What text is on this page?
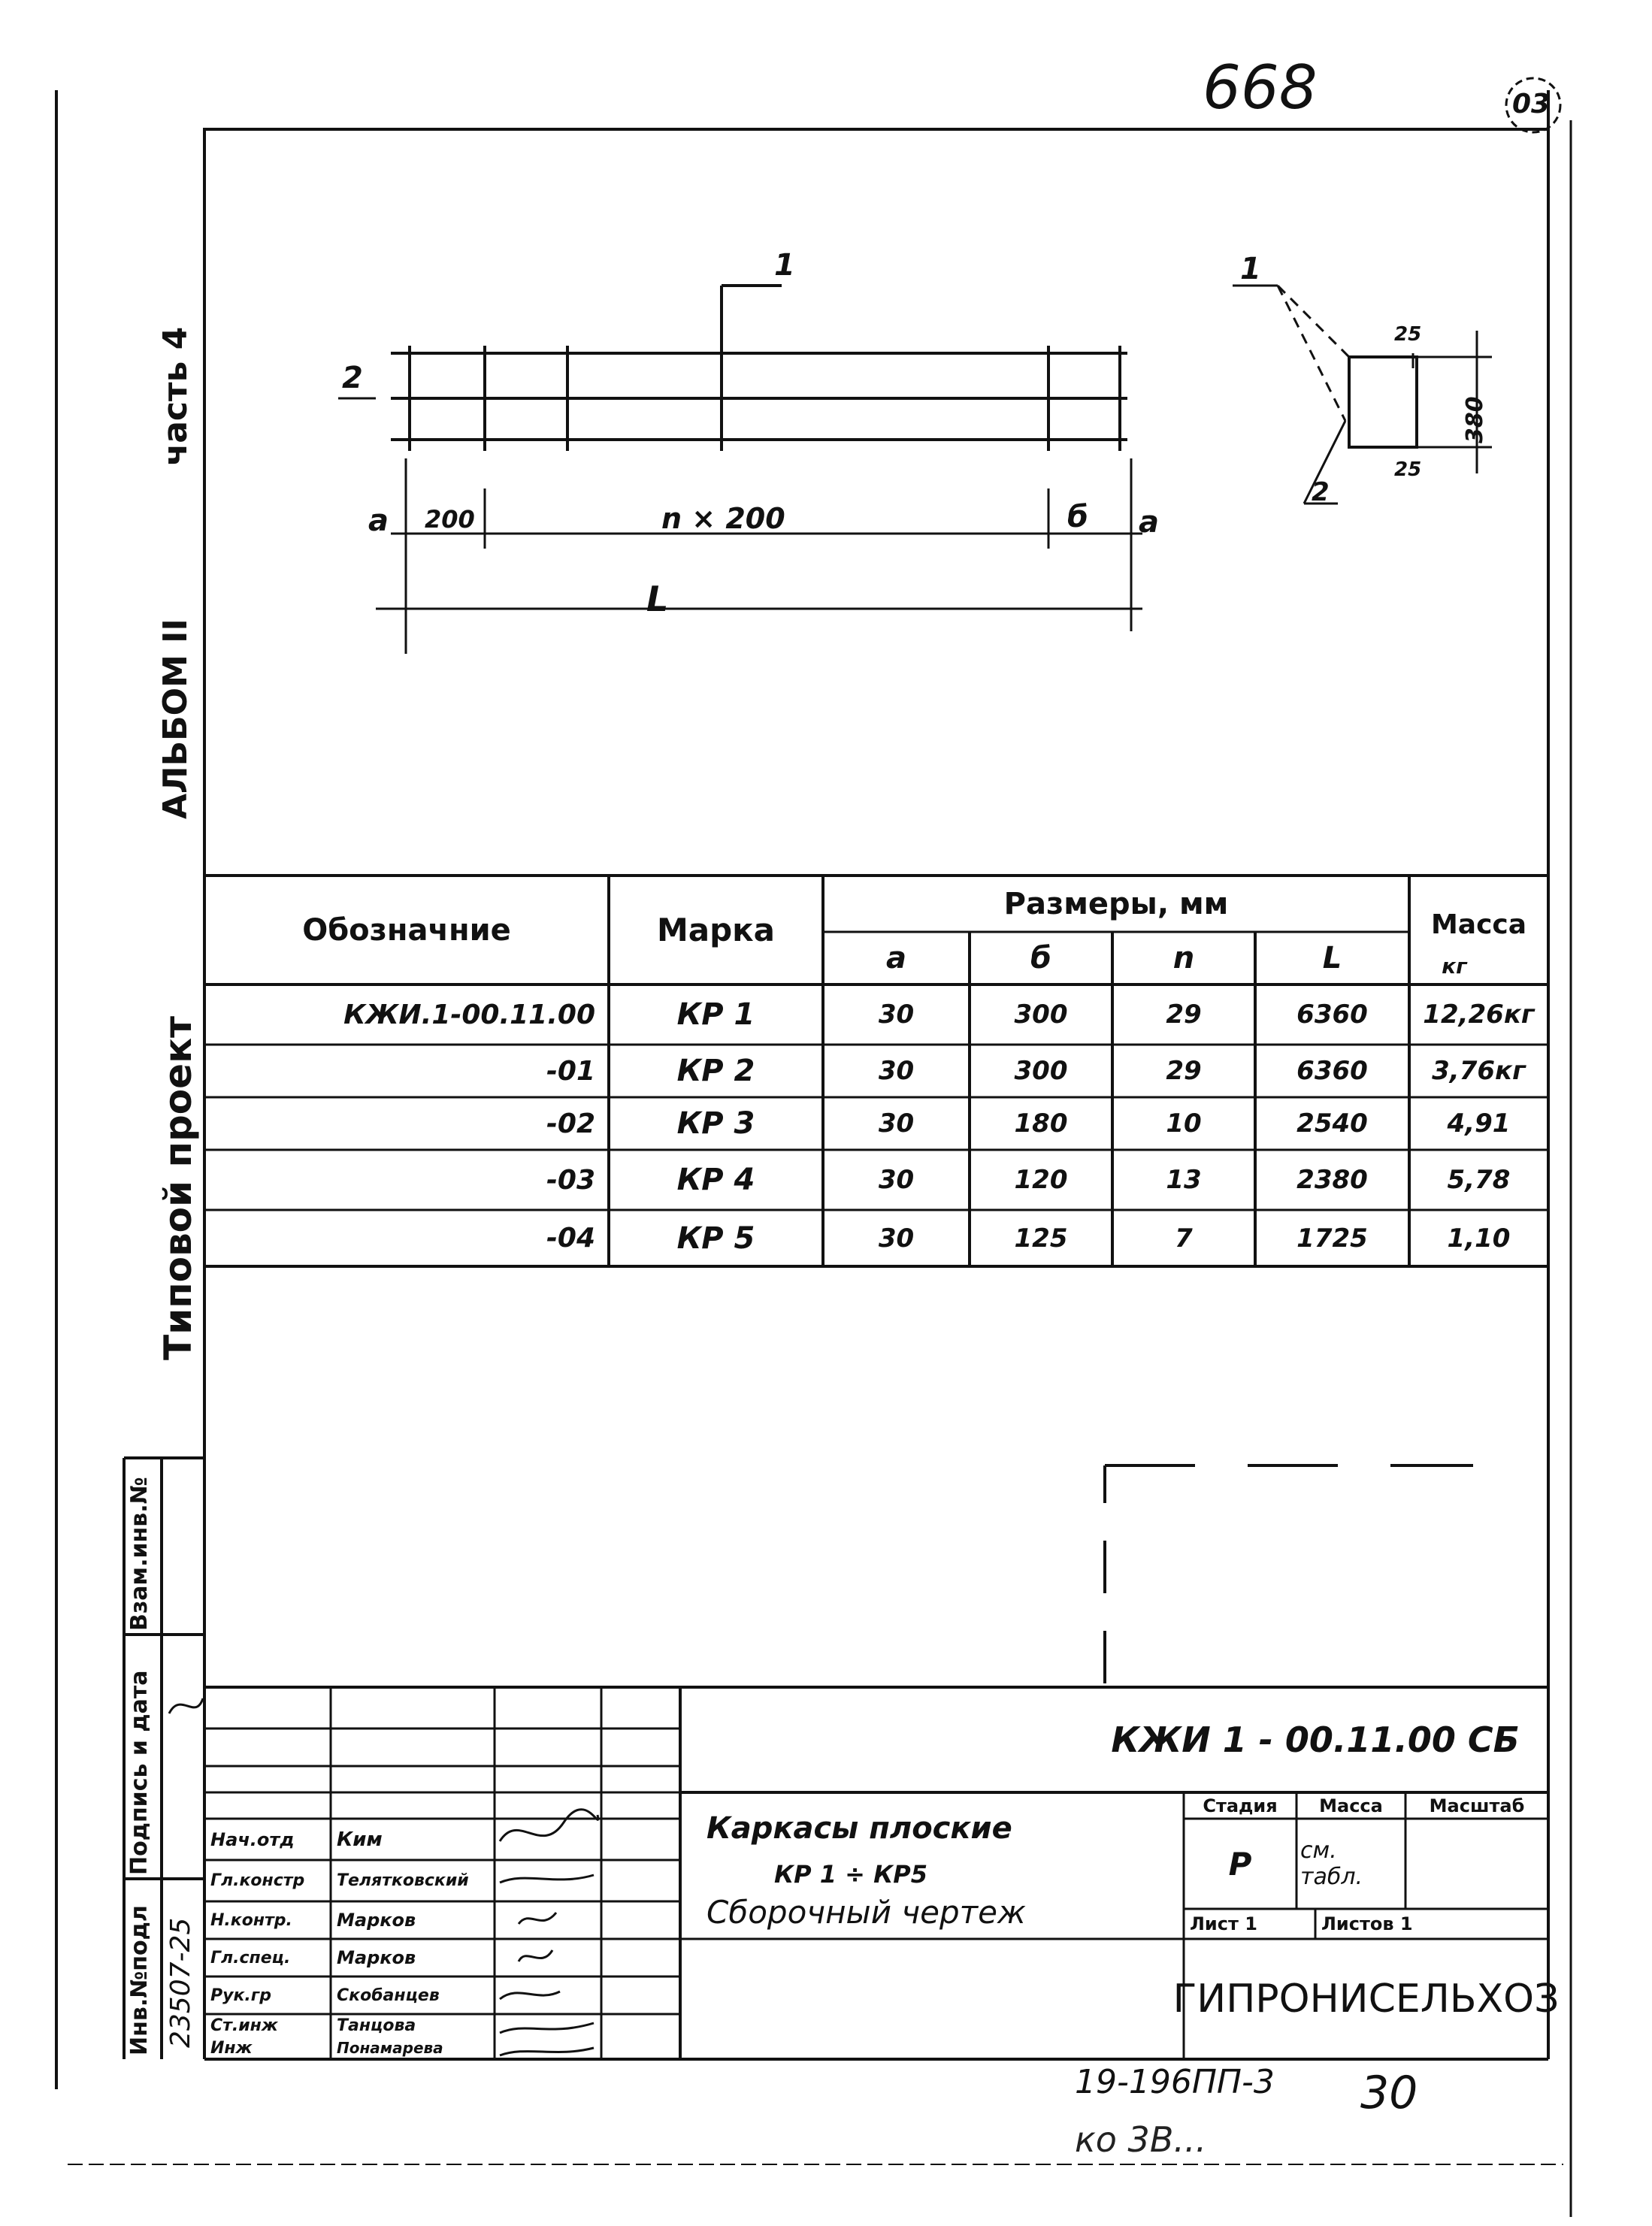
668	03
часть 4
АЛЬБОМ II
Типовой проект
Инв.№подл
Подпись и дата
Взам.инв.№
23507-25
1
2
a 200	n × 200	б a
L
1
2
25
380
25
Обозначние	Марка
Размеры, мм
a	б	n	L
Масса
кг
КЖИ.1-00.11.00	КР 1	30	300	29	6360	12,26кг
-01	КР 2	30	300	29	6360	3,76кг
-02	КР 3	30	180	10	2540	4,91
-03	КР 4	30	120	13	2380	5,78
-04	КР 5	30	125	7	1725	1,10
КЖИ 1 - 00.11.00 СБ
Каркасы плоские
КР 1 ÷ КР5
Сборочный чертеж
Стадия	Масса	Масштаб
Р	см. табл.
Лист 1	Листов 1
ГИПРОНИСЕЛЬХОЗ
Нач.отд	Ким
Гл.констр	Телятковский
Н.контр.	Марков
Гл.спец.	Марков
Рук.гр	Скобанцев
Ст.инж	Танцова
Инж	Понамарева
19-196ПП-3 30
ко 3В...
